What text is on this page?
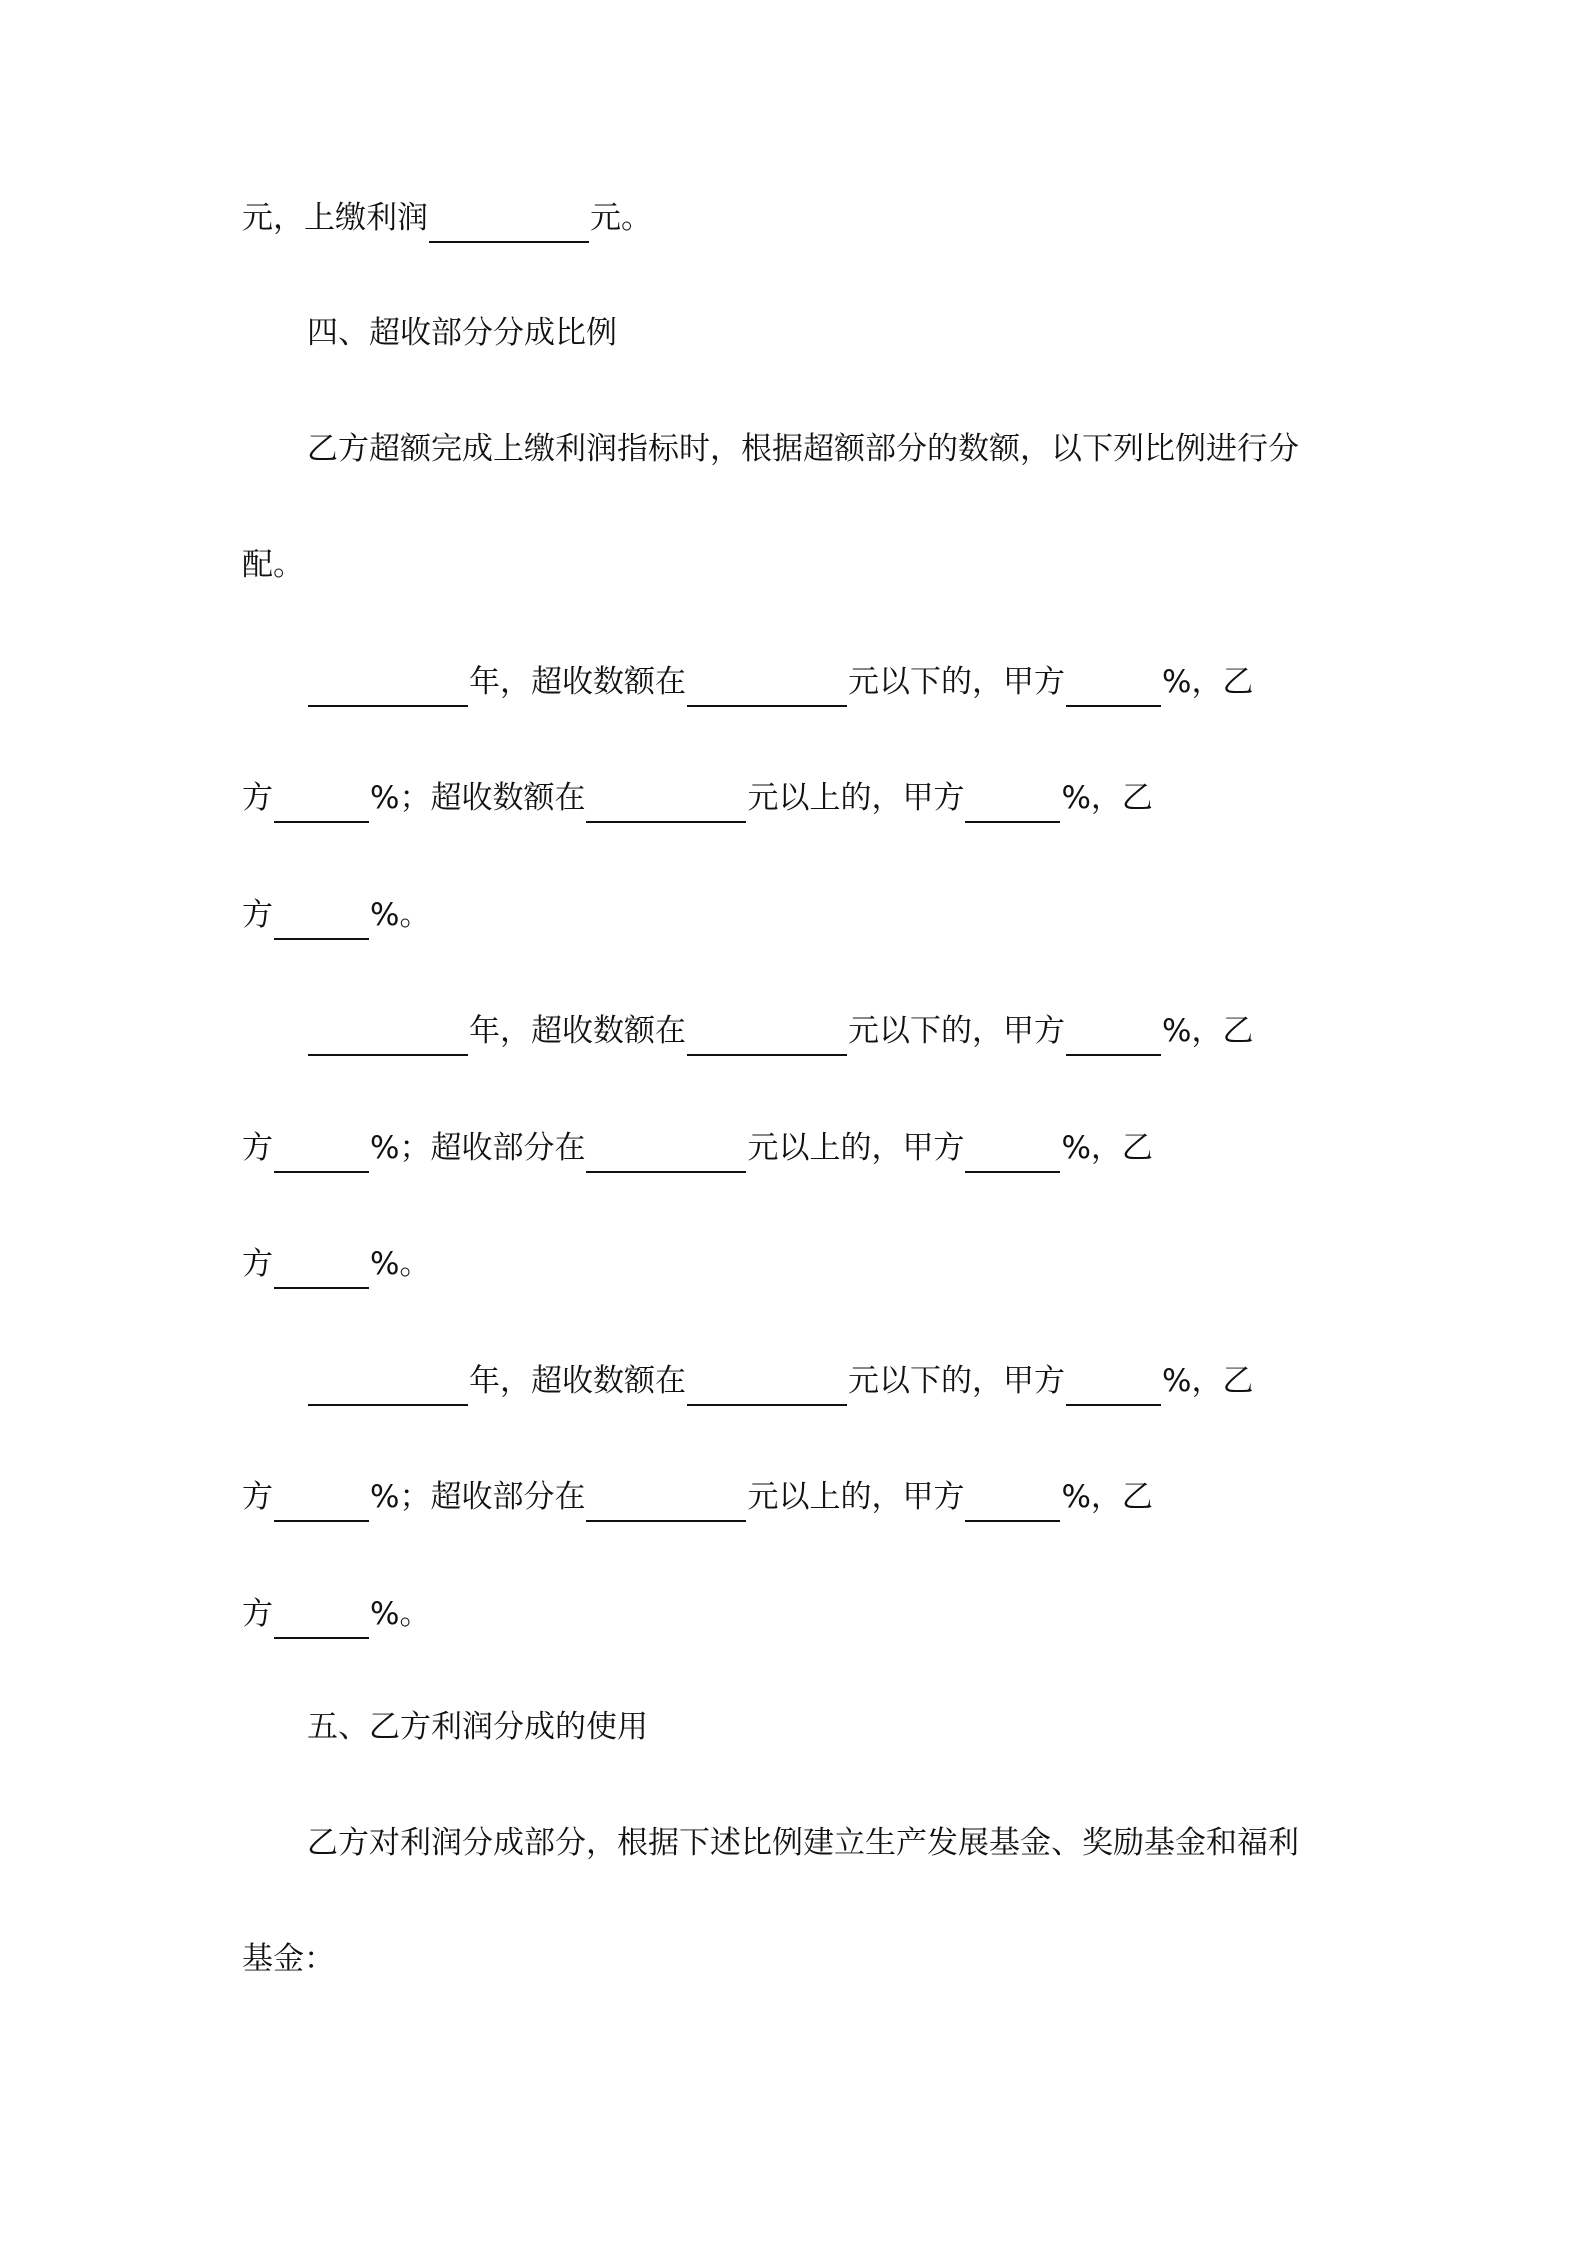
元，上缴利润	元。
四、超收部分分成比例
乙方超额完成上缴利润指标时，根据超额部分的数额，以下列比例进行分
配。
年，超收数额在	元以下的，甲方	%，乙
方	%；超收数额在	元以上的，甲方	%，乙
方	%。
年，超收数额在	元以下的，甲方	%，乙
方	%；超收部分在	元以上的，甲方	%，乙
方	%。
年，超收数额在	元以下的，甲方	%，乙
方	%；超收部分在	元以上的，甲方	%，乙
方	%。
五、乙方利润分成的使用
乙方对利润分成部分，根据下述比例建立生产发展基金、奖励基金和福利
基金：
